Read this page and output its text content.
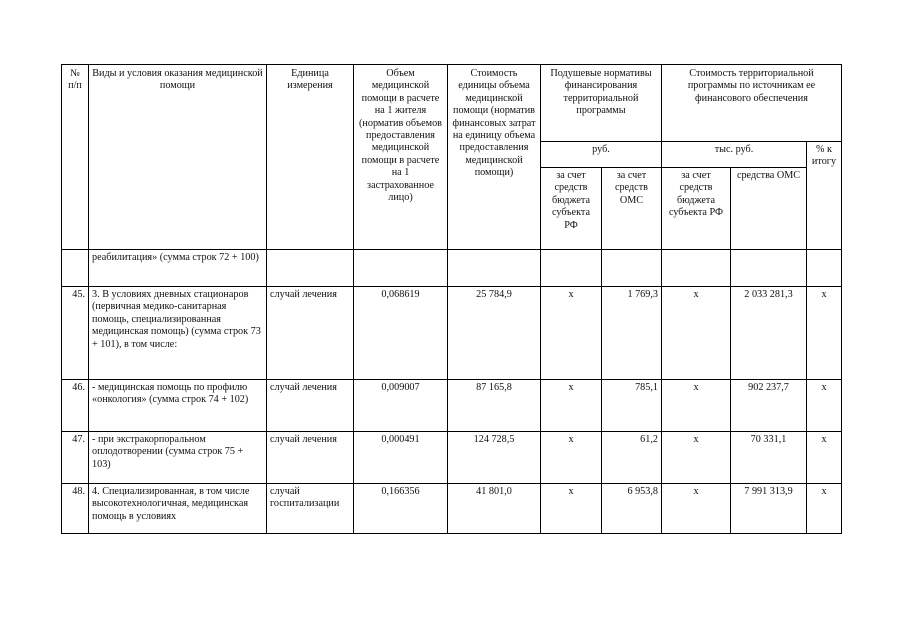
№ п/п	Виды и условия оказания медицинской помощи	Единица измерения	Объем медицинской помощи в расчете на 1 жителя (норматив объемов предоставления медицинской помощи в расчете на 1 застрахованное лицо)	Стоимость единицы объема медицинской помощи (норматив финансовых затрат на единицу объема предоставления медицинской помощи)	Подушевые нормативы финансирования территориальной программы		Стоимость территориальной программы по источникам ее финансового обеспечения		
					руб.		тыс. руб.		% к итогу
					за счет средств бюджета субъекта РФ	за счет средств ОМС	за счет средств бюджета субъекта РФ	средства ОМС	
	реабилитация» (сумма строк 72 + 100)								
45.	3. В условиях дневных стационаров (первичная медико-санитарная помощь, специализированная медицинская помощь) (сумма строк 73 + 101), в том числе:	случай лечения	0,068619	25 784,9	х	1 769,3	х	2 033 281,3	х
46.	- медицинская помощь по профилю «онкология» (сумма строк 74 + 102)	случай лечения	0,009007	87 165,8	х	785,1	х	902 237,7	х
47.	- при экстракорпоральном оплодотворении (сумма строк 75 + 103)	случай лечения	0,000491	124 728,5	х	61,2	х	70 331,1	х
48.	4. Специализированная, в том числе высокотехнологичная, медицинская помощь в условиях	случай госпитализации	0,166356	41 801,0	х	6 953,8	х	7 991 313,9	х
